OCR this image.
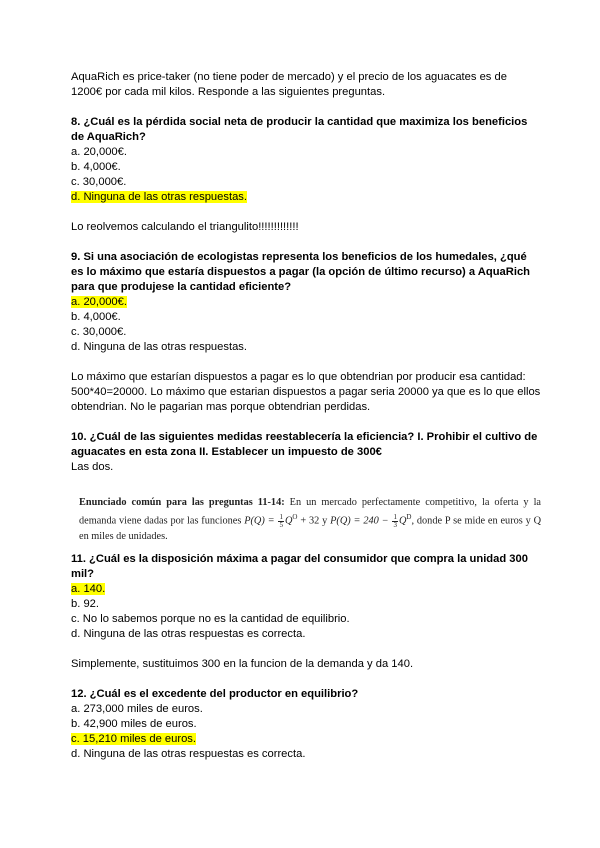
AquaRich es price-taker (no tiene poder de mercado) y el precio de los aguacates es de

1200€ por cada mil kilos. Responde a las siguientes preguntas.

8. ¿Cuál es la pérdida social neta de producir la cantidad que maximiza los beneficios de AquaRich?

a. 20,000€.

b. 4,000€.

c. 30,000€.

d. Ninguna de las otras respuestas.

Lo reolvemos calculando el triangulito!!!!!!!!!!!!!

9. Si una asociación de ecologistas representa los beneficios de los humedales, ¿qué es lo máximo que estaría dispuestos a pagar (la opción de último recurso) a AquaRich para que produjese la cantidad eficiente?

a. 20,000€.

b. 4,000€.

c. 30,000€.

d. Ninguna de las otras respuestas.

Lo máximo que estarían dispuestos a pagar es lo que obtendrian por producir esa cantidad: 500*40=20000. Lo máximo que estarian dispuestos a pagar seria 20000 ya que es lo que ellos obtendrian. No le pagarian mas porque obtendrian perdidas.

10. ¿Cuál de las siguientes medidas reestablecería la eficiencia? I. Prohibir el cultivo de aguacates en esta zona II. Establecer un impuesto de 300€

Las dos.

Enunciado común para las preguntas 11-14: En un mercado perfectamente competitivo, la oferta y la demanda viene dadas por las funciones $P(Q) = \frac{1}{5} Q^O + 32$ y $P(Q) = 240 - \frac{1}{3} Q^D$, donde P se mide en euros y Q en miles de unidades.

11. ¿Cuál es la disposición máxima a pagar del consumidor que compra la unidad 300 mil?

a. 140.

b. 92.

c. No lo sabemos porque no es la cantidad de equilibrio.

d. Ninguna de las otras respuestas es correcta.

Simplemente, sustituimos 300 en la funcion de la demanda y da 140.

12. ¿Cuál es el excedente del productor en equilibrio?

a. 273,000 miles de euros.

b. 42,900 miles de euros.

c. 15,210 miles de euros.

d. Ninguna de las otras respuestas es correcta.
